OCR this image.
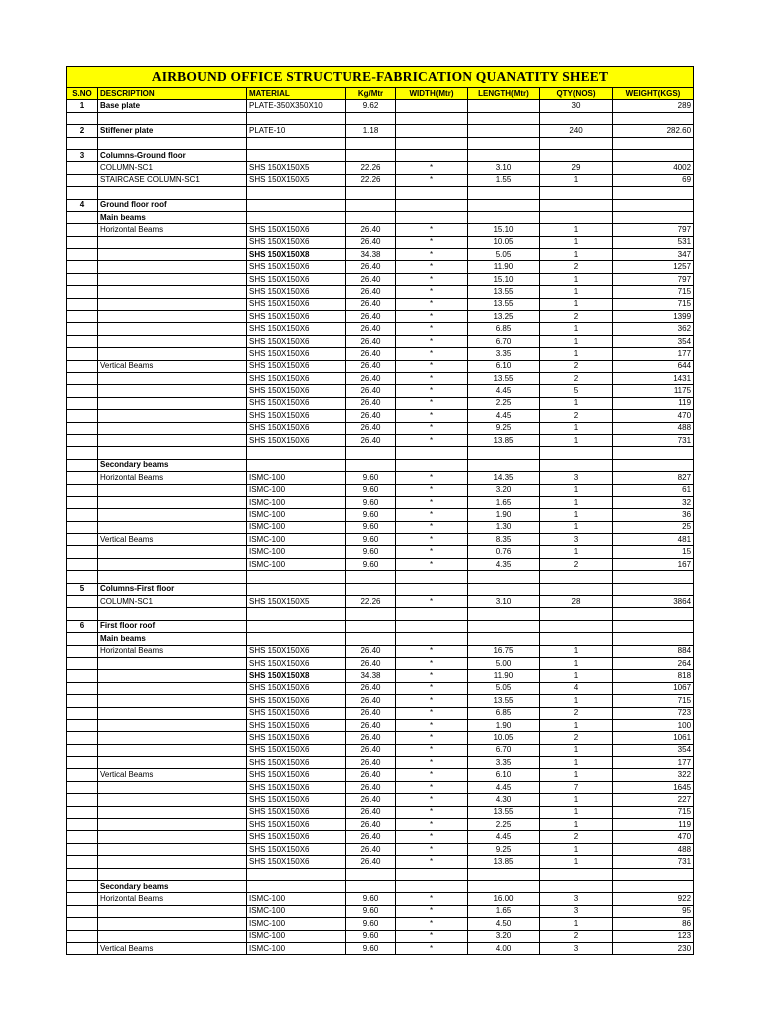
AIRBOUND OFFICE STRUCTURE-FABRICATION QUANATITY SHEET							
S.NO	DESCRIPTION	MATERIAL	Kg/Mtr	WIDTH(Mtr)	LENGTH(Mtr)	QTY(NOS)	WEIGHT(KGS)
1	Base plate	PLATE-350X350X10	9.62			30	289

2	Stiffener plate	PLATE-10	1.18			240	282.60

3	Columns-Ground floor						
	COLUMN-SC1	SHS 150X150X5	22.26	*	3.10	29	4002
	STAIRCASE COLUMN-SC1	SHS 150X150X5	22.26	*	1.55	1	69

4	Ground floor roof						
	Main beams						
	Horizontal Beams	SHS 150X150X6	26.40	*	15.10	1	797
		SHS 150X150X6	26.40	*	10.05	1	531
		SHS 150X150X8	34.38	*	5.05	1	347
		SHS 150X150X6	26.40	*	11.90	2	1257
		SHS 150X150X6	26.40	*	15.10	1	797
		SHS 150X150X6	26.40	*	13.55	1	715
		SHS 150X150X6	26.40	*	13.55	1	715
		SHS 150X150X6	26.40	*	13.25	2	1399
		SHS 150X150X6	26.40	*	6.85	1	362
		SHS 150X150X6	26.40	*	6.70	1	354
		SHS 150X150X6	26.40	*	3.35	1	177
	Vertical Beams	SHS 150X150X6	26.40	*	6.10	2	644
		SHS 150X150X6	26.40	*	13.55	2	1431
		SHS 150X150X6	26.40	*	4.45	5	1175
		SHS 150X150X6	26.40	*	2.25	1	119
		SHS 150X150X6	26.40	*	4.45	2	470
		SHS 150X150X6	26.40	*	9.25	1	488
		SHS 150X150X6	26.40	*	13.85	1	731

	Secondary beams						
	Horizontal Beams	ISMC-100	9.60	*	14.35	3	827
		ISMC-100	9.60	*	3.20	1	61
		ISMC-100	9.60	*	1.65	1	32
		ISMC-100	9.60	*	1.90	1	36
		ISMC-100	9.60	*	1.30	1	25
	Vertical Beams	ISMC-100	9.60	*	8.35	3	481
		ISMC-100	9.60	*	0.76	1	15
		ISMC-100	9.60	*	4.35	2	167

5	Columns-First floor						
	COLUMN-SC1	SHS 150X150X5	22.26	*	3.10	28	3864

6	First floor roof						
	Main beams						
	Horizontal Beams	SHS 150X150X6	26.40	*	16.75	1	884
		SHS 150X150X6	26.40	*	5.00	1	264
		SHS 150X150X8	34.38	*	11.90	1	818
		SHS 150X150X6	26.40	*	5.05	4	1067
		SHS 150X150X6	26.40	*	13.55	1	715
		SHS 150X150X6	26.40	*	6.85	2	723
		SHS 150X150X6	26.40	*	1.90	1	100
		SHS 150X150X6	26.40	*	10.05	2	1061
		SHS 150X150X6	26.40	*	6.70	1	354
		SHS 150X150X6	26.40	*	3.35	1	177
	Vertical Beams	SHS 150X150X6	26.40	*	6.10	1	322
		SHS 150X150X6	26.40	*	4.45	7	1645
		SHS 150X150X6	26.40	*	4.30	1	227
		SHS 150X150X6	26.40	*	13.55	1	715
		SHS 150X150X6	26.40	*	2.25	1	119
		SHS 150X150X6	26.40	*	4.45	2	470
		SHS 150X150X6	26.40	*	9.25	1	488
		SHS 150X150X6	26.40	*	13.85	1	731

	Secondary beams						
	Horizontal Beams	ISMC-100	9.60	*	16.00	3	922
		ISMC-100	9.60	*	1.65	3	95
		ISMC-100	9.60	*	4.50	1	86
		ISMC-100	9.60	*	3.20	2	123
	Vertical Beams	ISMC-100	9.60	*	4.00	3	230
